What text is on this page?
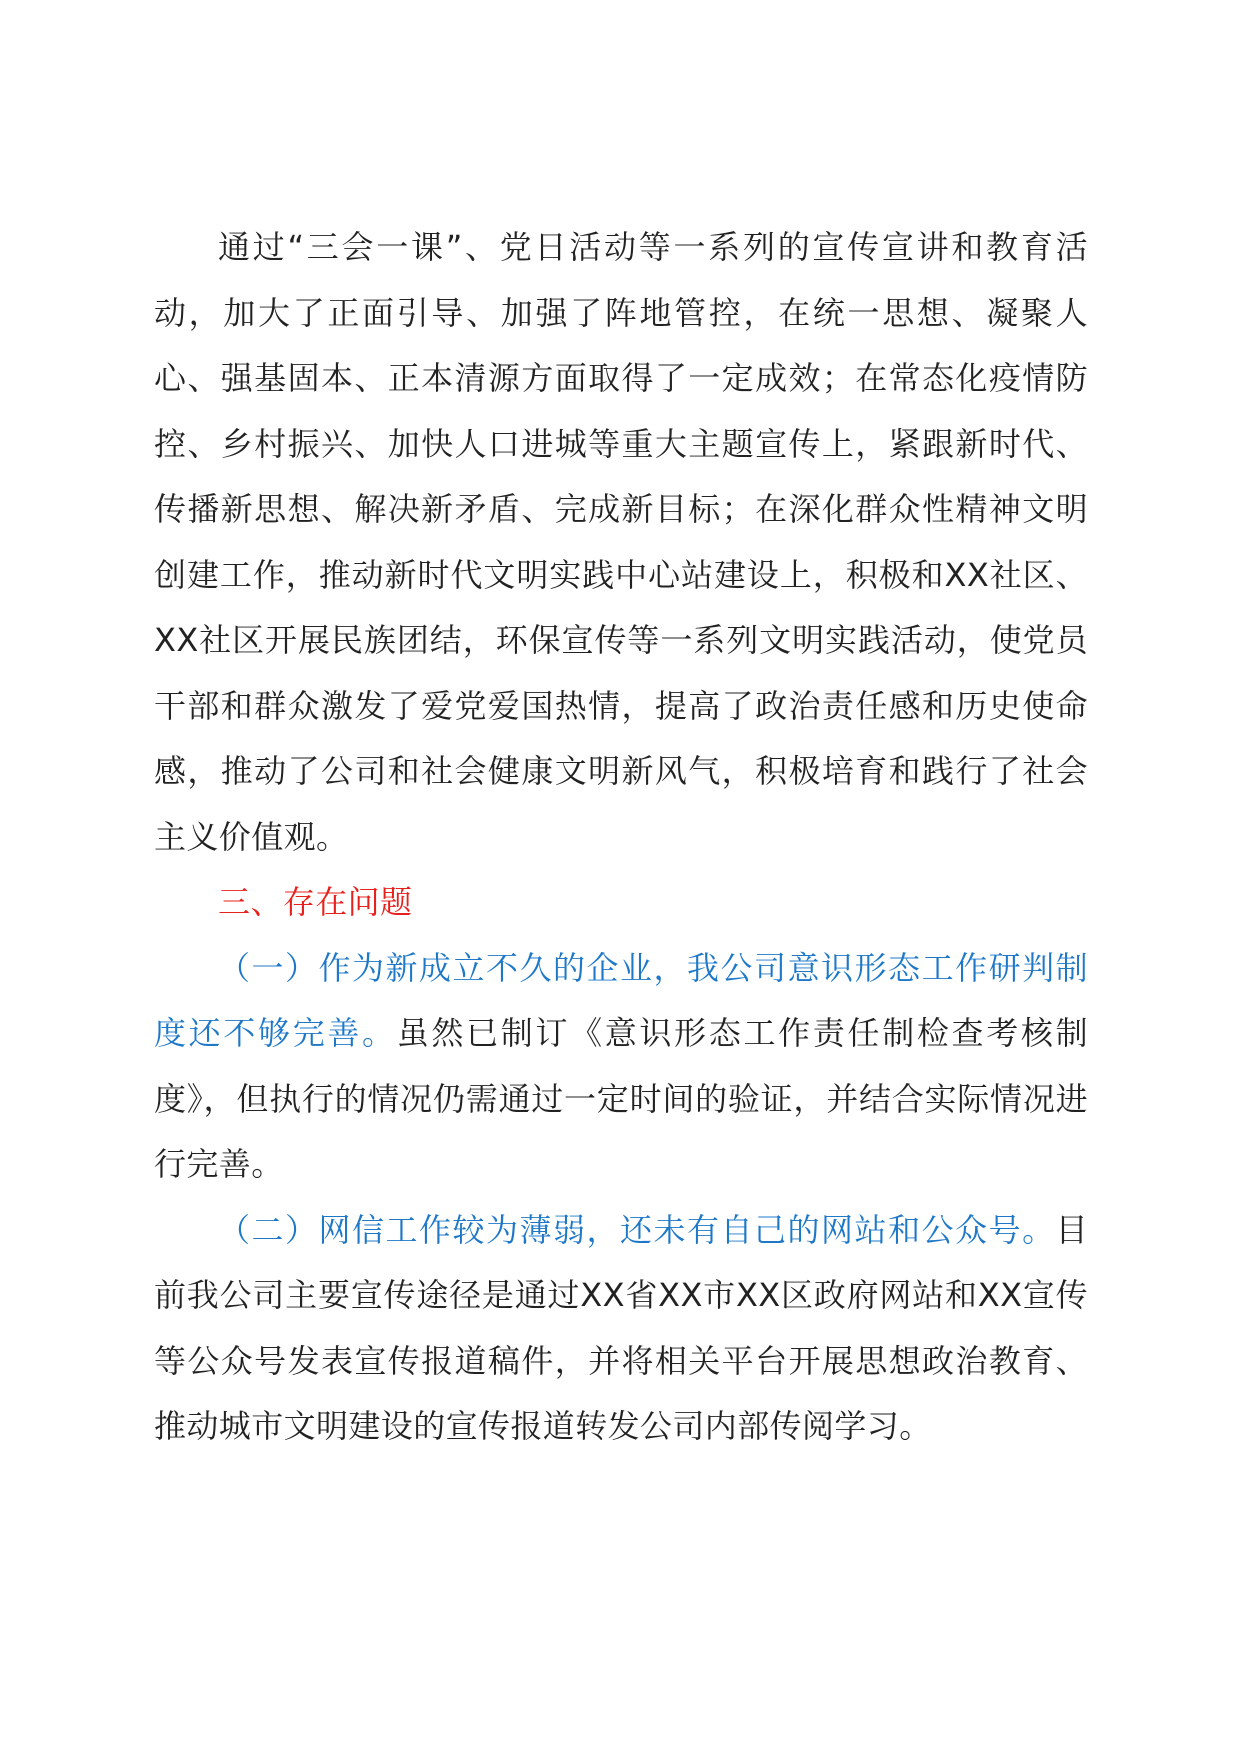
通过“三会一课”、党日活动等一系列的宣传宣讲和教育活动，加大了正面引导、加强了阵地管控，在统一思想、凝聚人心、强基固本、正本清源方面取得了一定成效；在常态化疫情防控、乡村振兴、加快人口进城等重大主题宣传上，紧跟新时代、传播新思想、解决新矛盾、完成新目标；在深化群众性精神文明创建工作，推动新时代文明实践中心站建设上，积极和XX社区、XX社区开展民族团结，环保宣传等一系列文明实践活动，使党员干部和群众激发了爱党爱国热情，提高了政治责任感和历史使命感，推动了公司和社会健康文明新风气，积极培育和践行了社会主义价值观。

三、存在问题

（一）作为新成立不久的企业，我公司意识形态工作研判制度还不够完善。虽然已制订《意识形态工作责任制检查考核制度》，但执行的情况仍需通过一定时间的验证，并结合实际情况进行完善。

（二）网信工作较为薄弱，还未有自己的网站和公众号。目前我公司主要宣传途径是通过XX省XX市XX区政府网站和XX宣传等公众号发表宣传报道稿件，并将相关平台开展思想政治教育、推动城市文明建设的宣传报道转发公司内部传阅学习。
